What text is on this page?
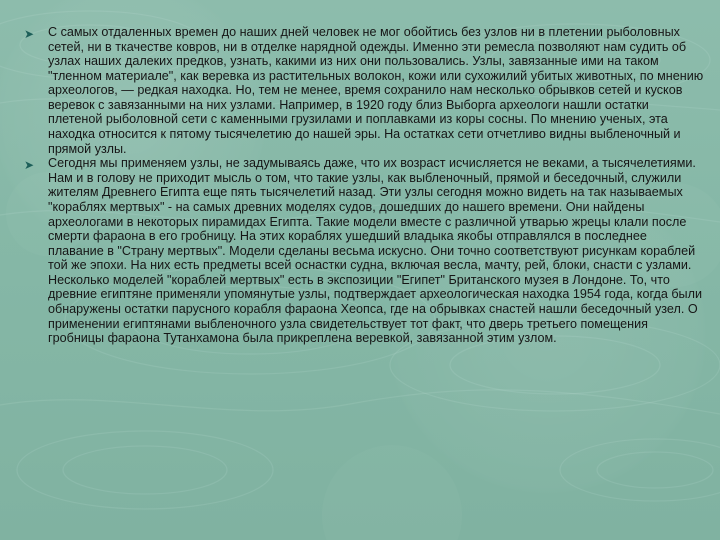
➤ С самых отдаленных времен до наших дней человек не мог обойтись без узлов ни в плетении рыболовных сетей, ни в ткачестве ковров, ни в отделке нарядной одежды. Именно эти ремесла позволяют нам судить об узлах наших далеких предков, узнать, какими из них они пользовались. Узлы, завязанные ими на таком "тленном материале", как веревка из растительных волокон, кожи или сухожилий убитых животных, по мнению археологов, — редкая находка. Но, тем не менее, время сохранило нам несколько обрывков сетей и кусков веревок с завязанными на них узлами. Например, в 1920 году близ Выборга археологи нашли остатки плетеной рыболовной сети с каменными грузилами и поплавками из коры сосны. По мнению ученых, эта находка относится к пятому тысячелетию до нашей эры. На остатках сети отчетливо видны выбленочный и прямой узлы.
➤ Сегодня мы применяем узлы, не задумываясь даже, что их возраст исчисляется не веками, а тысячелетиями. Нам и в голову не приходит мысль о том, что такие узлы, как выбленочный, прямой и беседочный, служили жителям Древнего Египта еще пять тысячелетий назад. Эти узлы сегодня можно видеть на так называемых "кораблях мертвых" - на самых древних моделях судов, дошедших до нашего времени. Они найдены археологами в некоторых пирамидах Египта. Такие модели вместе с различной утварью жрецы клали после смерти фараона в его гробницу. На этих кораблях ушедший владыка якобы отправлялся в последнее плавание в "Страну мертвых". Модели сделаны весьма искусно. Они точно соответствуют рисункам кораблей той же эпохи. На них есть предметы всей оснастки судна, включая весла, мачту, рей, блоки, снасти с узлами. Несколько моделей "кораблей мертвых" есть в экспозиции "Египет" Британского музея в Лондоне. То, что древние египтяне применяли упомянутые узлы, подтверждает археологическая находка 1954 года, когда были обнаружены остатки парусного корабля фараона Хеопса, где на обрывках снастей нашли беседочный узел. О применении египтянами выбленочного узла свидетельствует тот факт, что дверь третьего помещения гробницы фараона Тутанхамона была прикреплена веревкой, завязанной этим узлом.
